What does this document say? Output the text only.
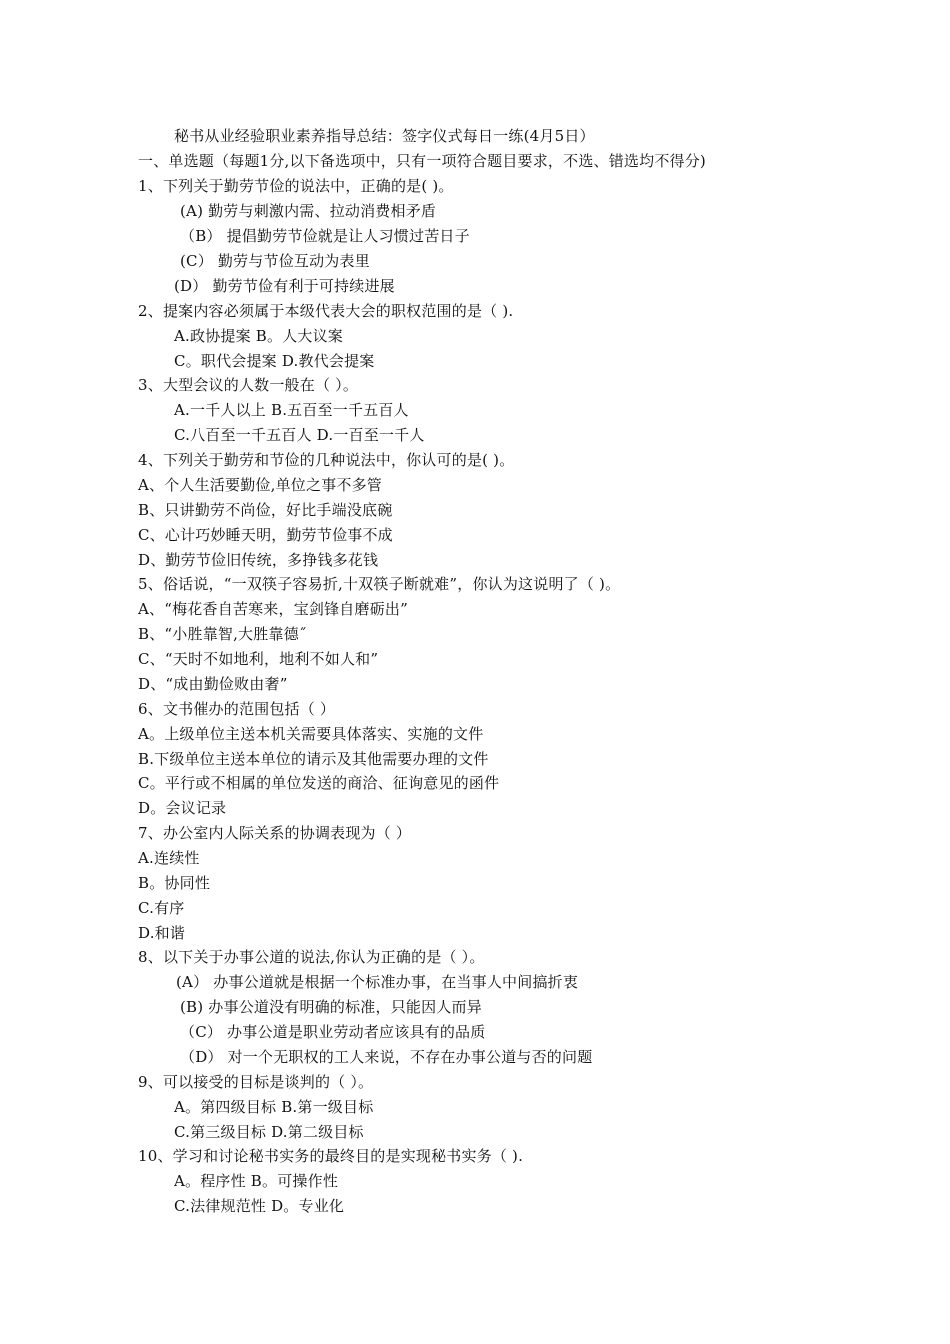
秘书从业经验职业素养指导总结：签字仪式每日一练(4月5日）
一、单选题（每题1分,以下备选项中，只有一项符合题目要求，不选、错选均不得分)
1、下列关于勤劳节俭的说法中，正确的是( )。
(A) 勤劳与刺激内需、拉动消费相矛盾
（B） 提倡勤劳节俭就是让人习惯过苦日子
(C） 勤劳与节俭互动为表里
(D） 勤劳节俭有利于可持续进展
2、提案内容必须属于本级代表大会的职权范围的是（ ).
A.政协提案 B。人大议案
C。职代会提案 D.教代会提案
3、大型会议的人数一般在（ ）。
A.一千人以上 B.五百至一千五百人
C.八百至一千五百人 D.一百至一千人
4、下列关于勤劳和节俭的几种说法中，你认可的是( )。
A、个人生活要勤俭,单位之事不多管
B、只讲勤劳不尚俭，好比手端没底碗
C、心计巧妙睡天明，勤劳节俭事不成
D、勤劳节俭旧传统，多挣钱多花钱
5、俗话说，“一双筷子容易折,十双筷子断就难”，你认为这说明了（ )。
A、“梅花香自苦寒来，宝剑锋自磨砺出”
B、“小胜靠智,大胜靠德˝
C、“天时不如地利，地利不如人和”
D、“成由勤俭败由奢”
6、文书催办的范围包括（ ）
A。上级单位主送本机关需要具体落实、实施的文件
B.下级单位主送本单位的请示及其他需要办理的文件
C。平行或不相属的单位发送的商洽、征询意见的函件
D。会议记录
7、办公室内人际关系的协调表现为（ ）
A.连续性
B。协同性
C.有序
D.和谐
8、以下关于办事公道的说法,你认为正确的是（ ）。
(A） 办事公道就是根据一个标准办事，在当事人中间搞折衷
(B) 办事公道没有明确的标准，只能因人而异
（C） 办事公道是职业劳动者应该具有的品质
（D） 对一个无职权的工人来说，不存在办事公道与否的问题
9、可以接受的目标是谈判的（ ）。
A。第四级目标 B.第一级目标
C.第三级目标 D.第二级目标
10、学习和讨论秘书实务的最终目的是实现秘书实务（ ).
A。程序性 B。可操作性
C.法律规范性 D。专业化
